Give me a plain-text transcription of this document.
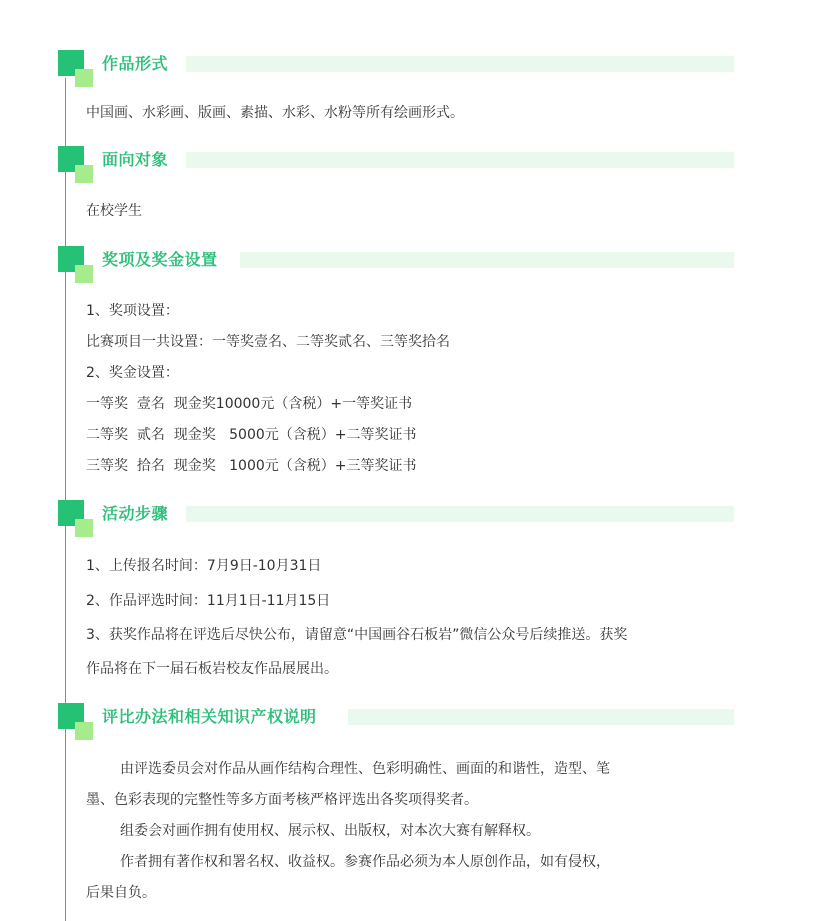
作品形式
中国画、水彩画、版画、素描、水彩、水粉等所有绘画形式。
面向对象
在校学生
奖项及奖金设置
1、奖项设置：
比赛项目一共设置：一等奖壹名、二等奖贰名、三等奖拾名
2、奖金设置：
一等奖  壹名  现金奖10000元（含税）+一等奖证书
二等奖  贰名  现金奖   5000元（含税）+二等奖证书
三等奖  拾名  现金奖   1000元（含税）+三等奖证书
活动步骤
1、上传报名时间：7月9日-10月31日
2、作品评选时间：11月1日-11月15日
3、获奖作品将在评选后尽快公布，请留意“中国画谷石板岩”微信公众号后续推送。获奖
作品将在下一届石板岩校友作品展展出。
评比办法和相关知识产权说明
由评选委员会对作品从画作结构合理性、色彩明确性、画面的和谐性，造型、笔
墨、色彩表现的完整性等多方面考核严格评选出各奖项得奖者。
组委会对画作拥有使用权、展示权、出版权，对本次大赛有解释权。
作者拥有著作权和署名权、收益权。参赛作品必须为本人原创作品，如有侵权，
后果自负。
